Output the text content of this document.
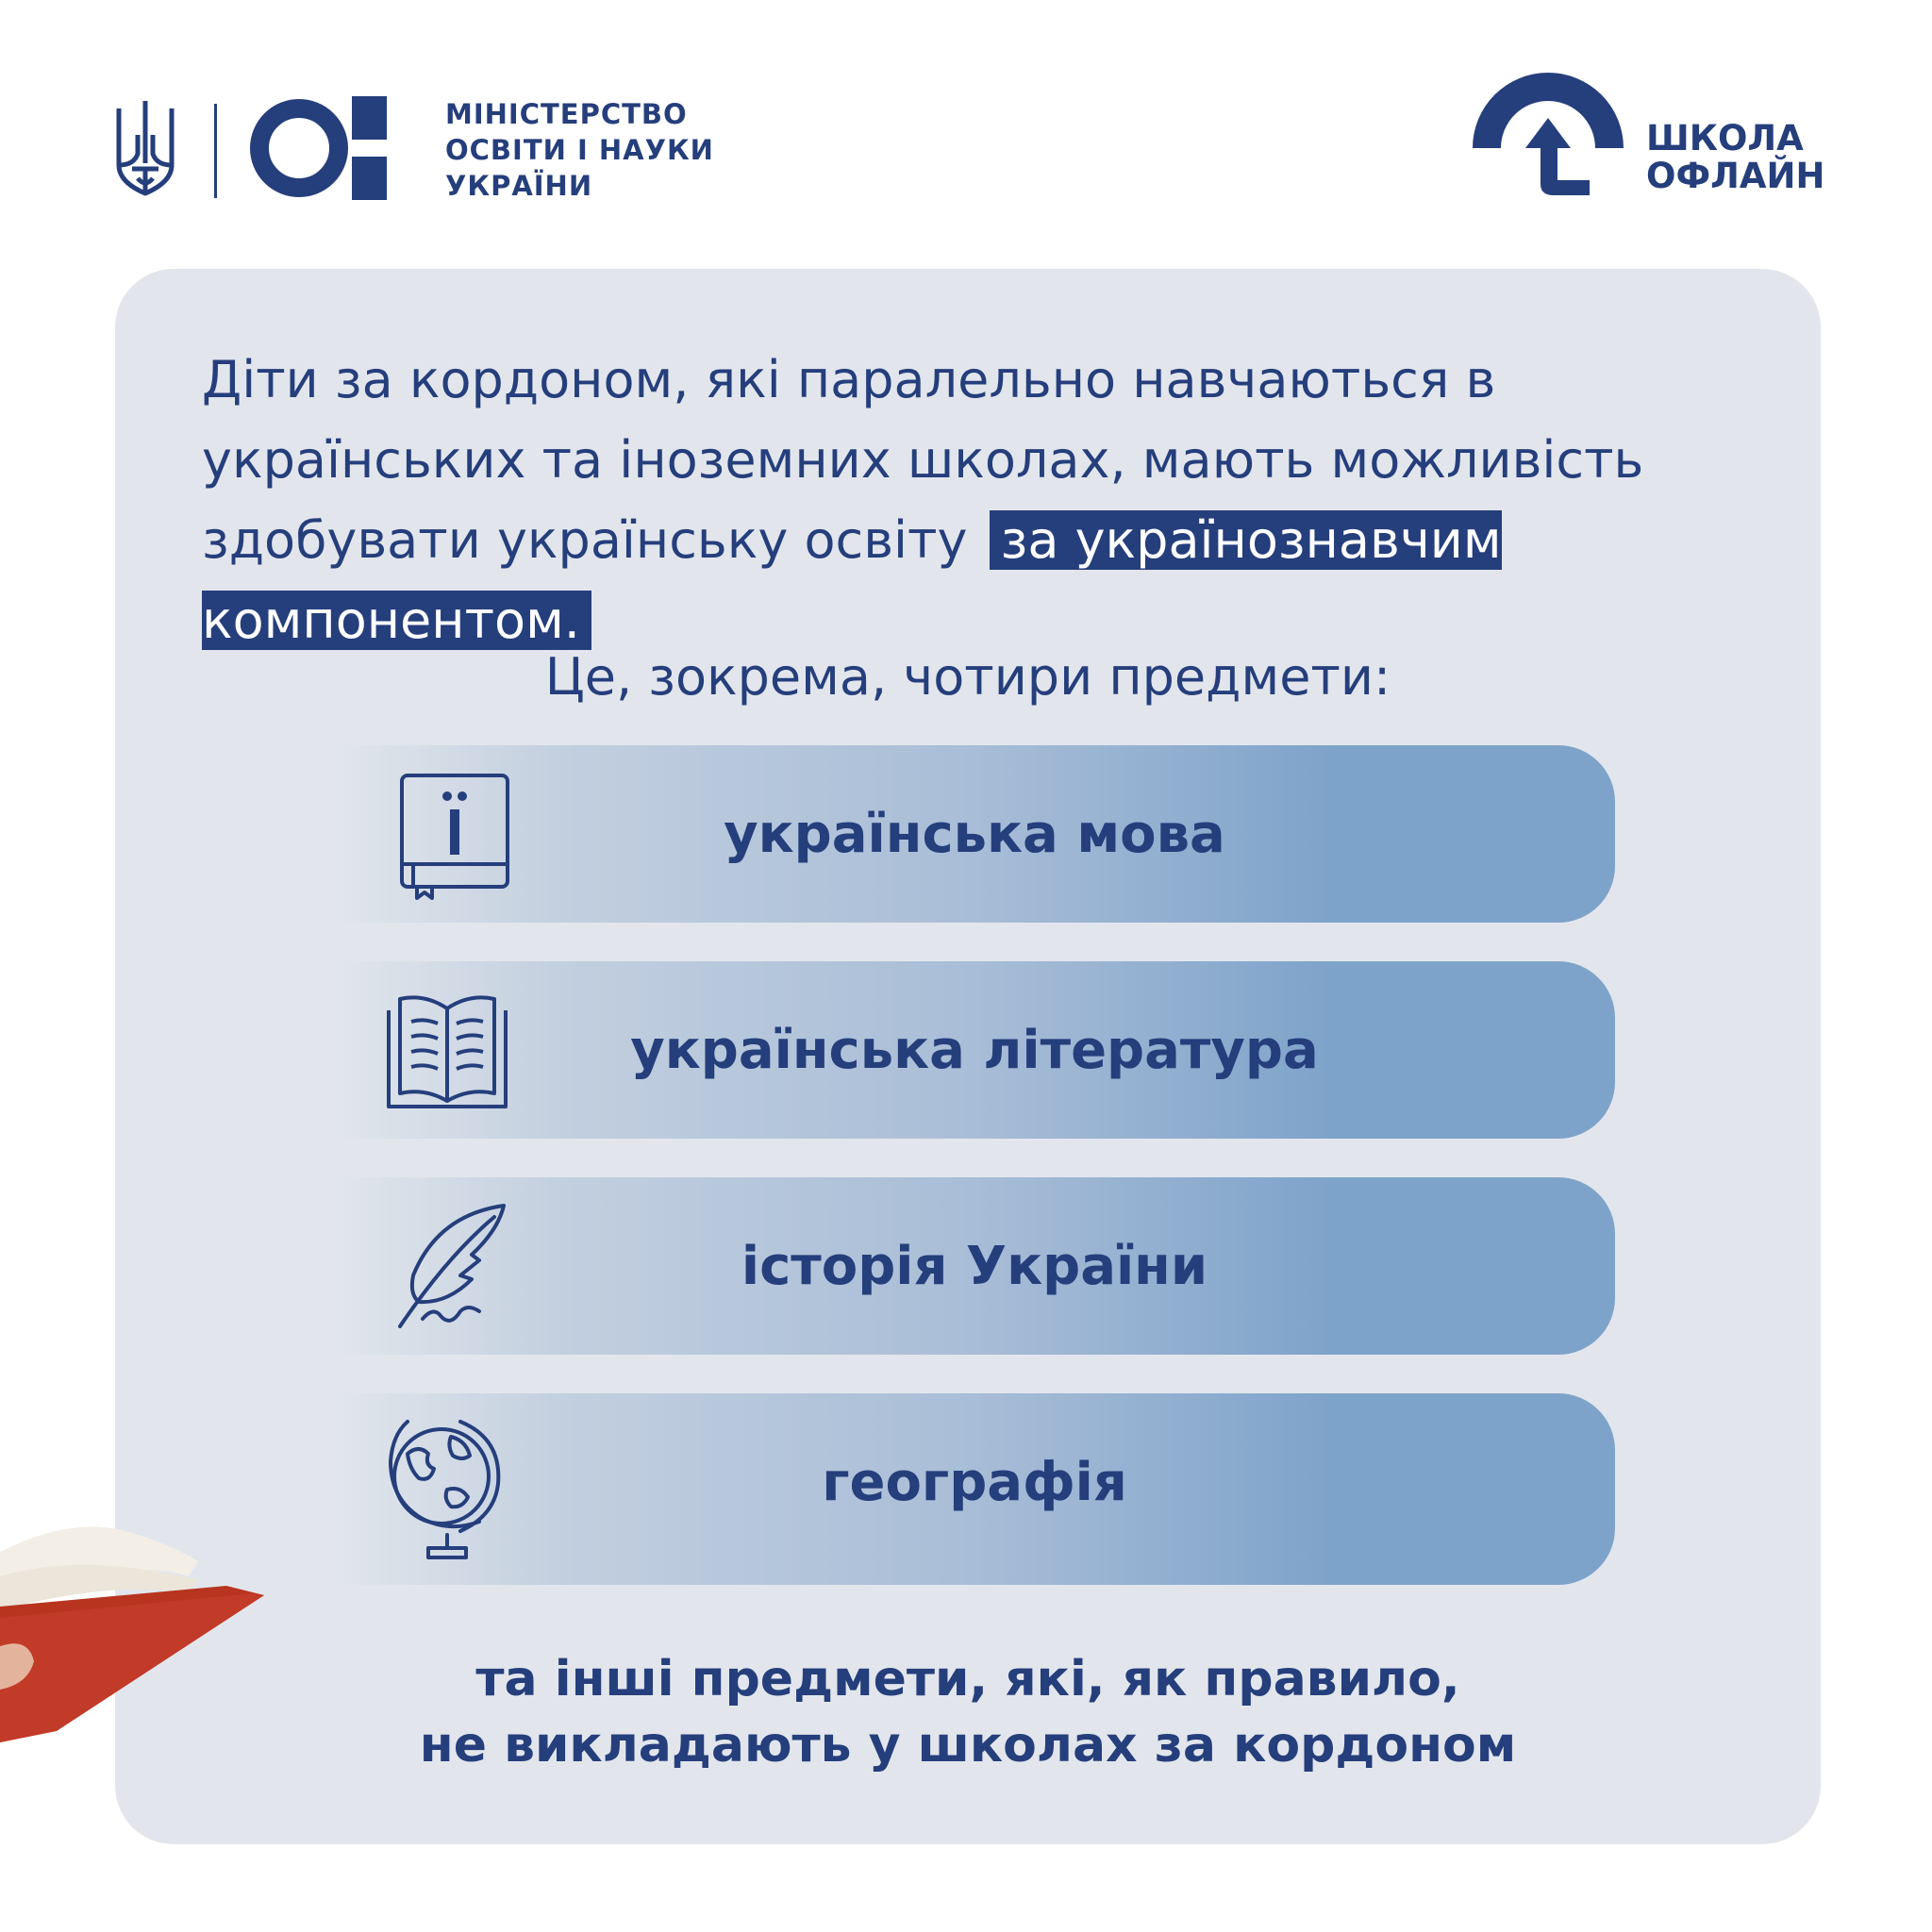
МІНІСТЕРСТВО
ОСВІТИ І НАУКИ
УКРАЇНИ
ШКОЛА
ОФЛАЙН
Діти за кордоном, які паралельно навчаються в українських та іноземних школах, мають можливість здобувати українську освіту за українознавчим компонентом.
Це, зокрема, чотири предмети:
українська мова
українська література
історія України
географія
та інші предмети, які, як правило,
не викладають у школах за кордоном
